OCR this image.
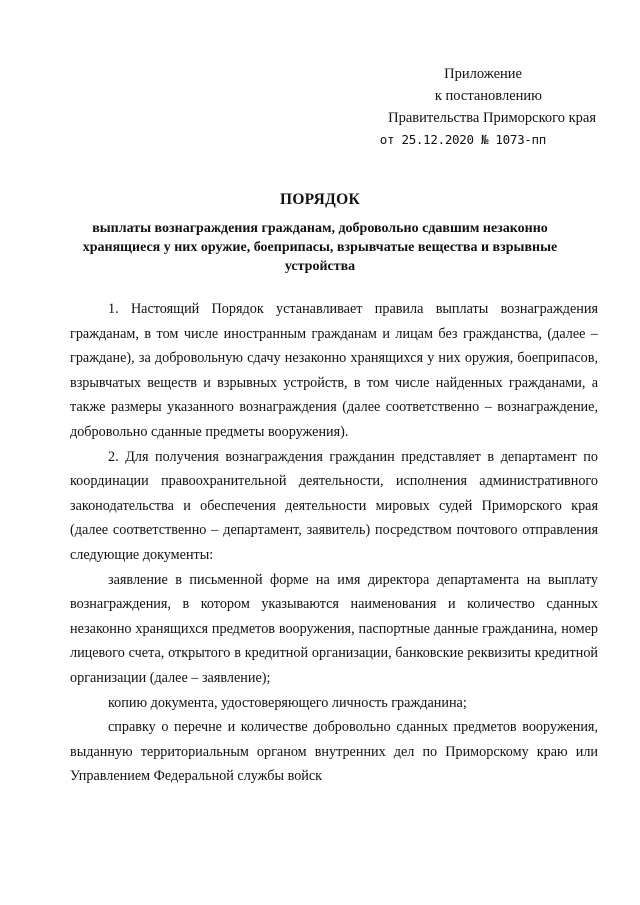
Приложение
к постановлению
Правительства Приморского края
от 25.12.2020 № 1073-пп
ПОРЯДОК
выплаты вознаграждения гражданам, добровольно сдавшим незаконно хранящиеся у них оружие, боеприпасы, взрывчатые вещества и взрывные устройства

1. Настоящий Порядок устанавливает правила выплаты вознаграждения гражданам, в том числе иностранным гражданам и лицам без гражданства, (далее – граждане), за добровольную сдачу незаконно хранящихся у них оружия, боеприпасов, взрывчатых веществ и взрывных устройств, в том числе найденных гражданами, а также размеры указанного вознаграждения (далее соответственно – вознаграждение, добровольно сданные предметы вооружения).

2. Для получения вознаграждения гражданин представляет в департамент по координации правоохранительной деятельности, исполнения административного законодательства и обеспечения деятельности мировых судей Приморского края (далее соответственно – департамент, заявитель) посредством почтового отправления следующие документы:

заявление в письменной форме на имя директора департамента на выплату вознаграждения, в котором указываются наименования и количество сданных незаконно хранящихся предметов вооружения, паспортные данные гражданина, номер лицевого счета, открытого в кредитной организации, банковские реквизиты кредитной организации (далее – заявление);

копию документа, удостоверяющего личность гражданина;

справку о перечне и количестве добровольно сданных предметов вооружения, выданную территориальным органом внутренних дел по Приморскому краю или Управлением Федеральной службы войск
